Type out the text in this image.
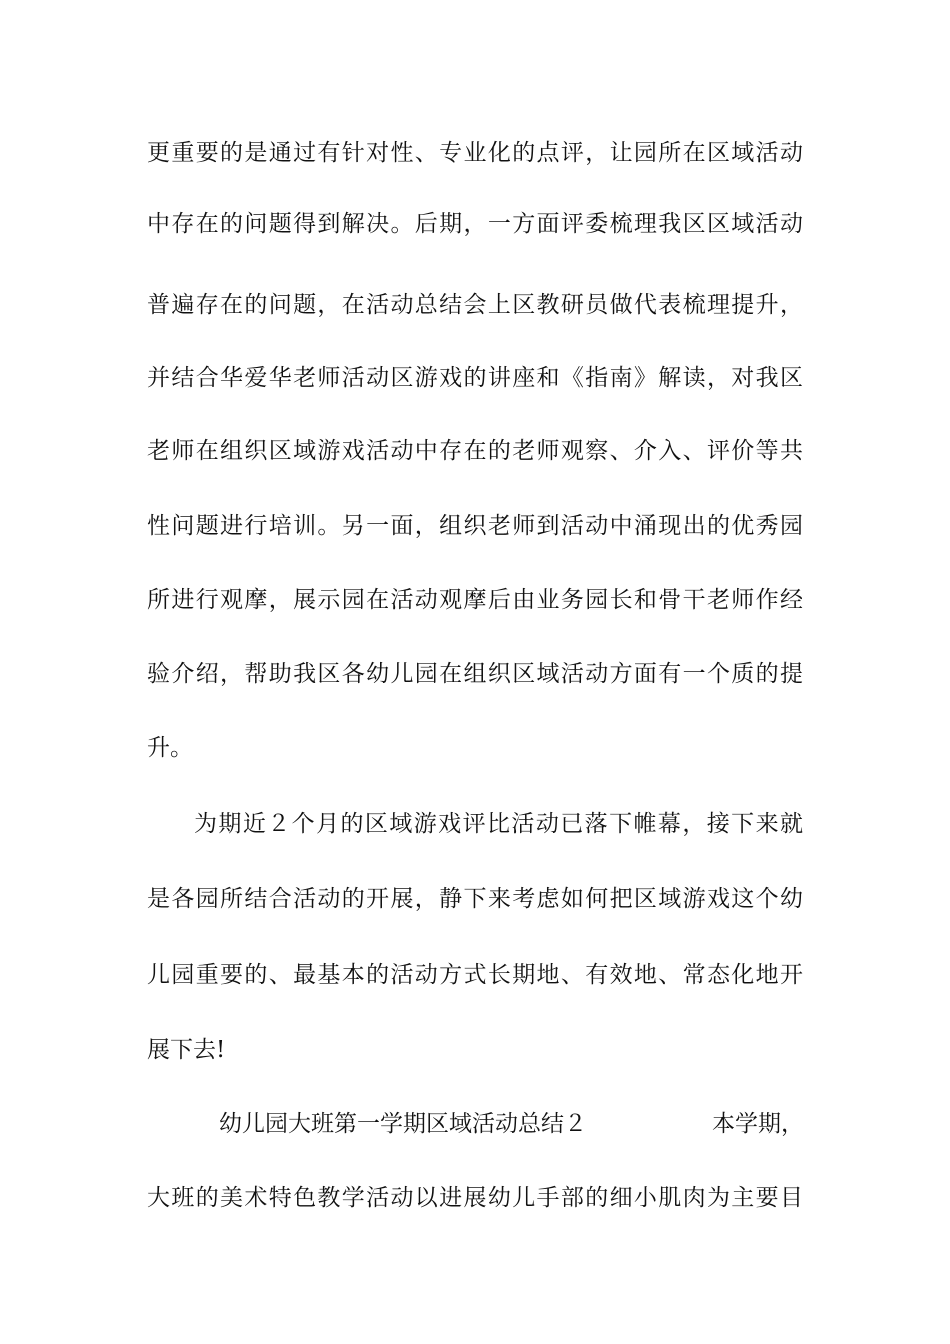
更重要的是通过有针对性、专业化的点评，让园所在区域活动
中存在的问题得到解决。后期，一方面评委梳理我区区域活动
普遍存在的问题，在活动总结会上区教研员做代表梳理提升，
并结合华爱华老师活动区游戏的讲座和《指南》解读，对我区
老师在组织区域游戏活动中存在的老师观察、介入、评价等共
性问题进行培训。另一面，组织老师到活动中涌现出的优秀园
所进行观摩，展示园在活动观摩后由业务园长和骨干老师作经
验介绍，帮助我区各幼儿园在组织区域活动方面有一个质的提
升。
为期近２个月的区域游戏评比活动已落下帷幕，接下来就
是各园所结合活动的开展，静下来考虑如何把区域游戏这个幼
儿园重要的、最基本的活动方式长期地、有效地、常态化地开
展下去!
幼儿园大班第一学期区域活动总结２	本学期，
大班的美术特色教学活动以进展幼儿手部的细小肌肉为主要目
